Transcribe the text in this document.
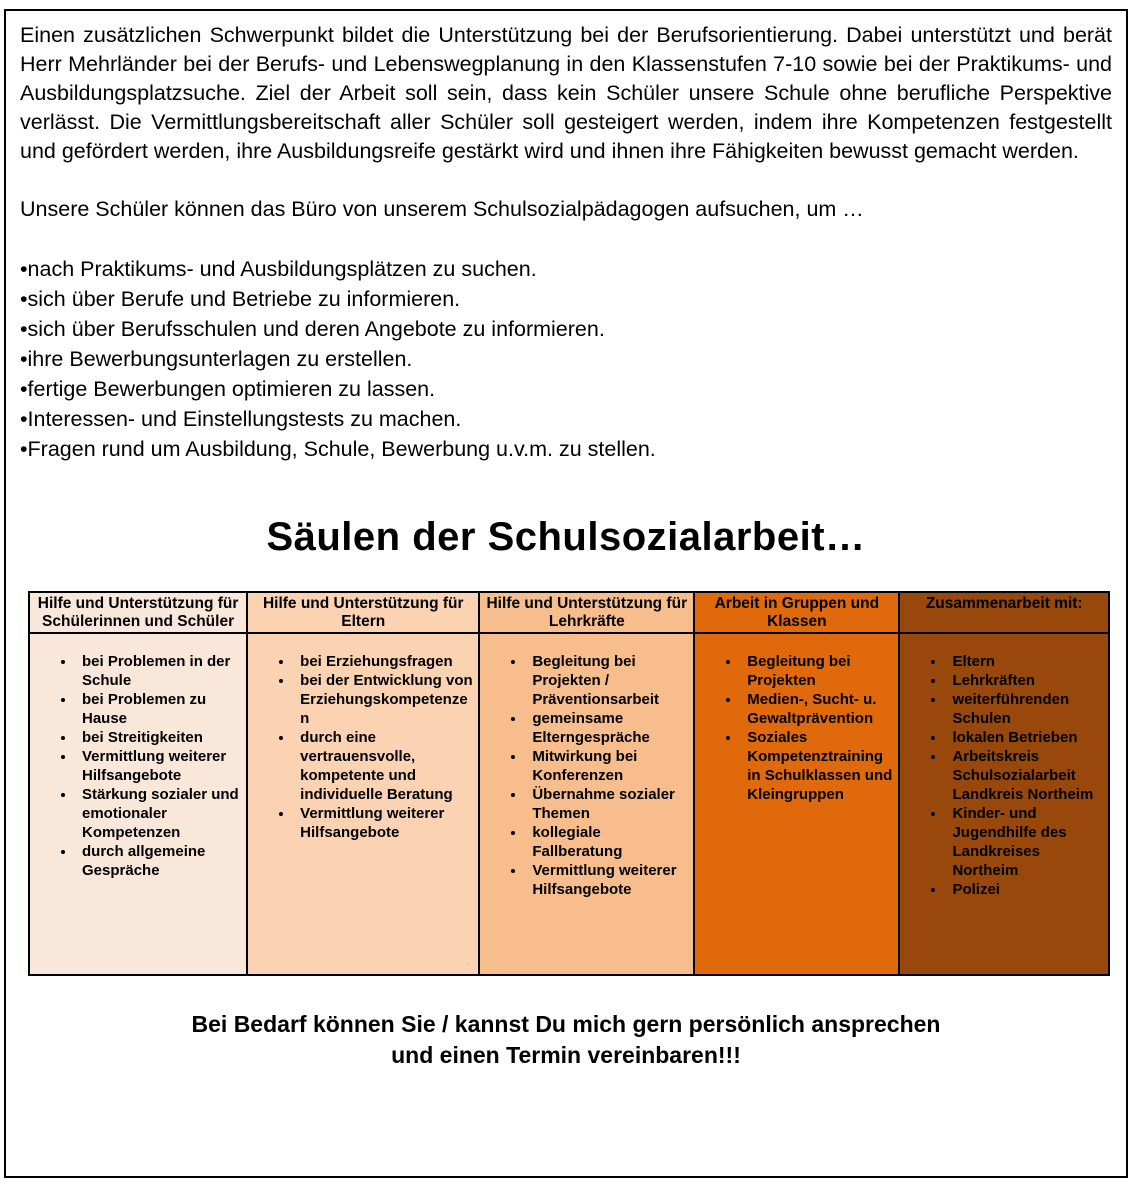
Einen zusätzlichen Schwerpunkt bildet die Unterstützung bei der Berufsorientierung. Dabei unterstützt und berät Herr Mehrländer bei der Berufs- und Lebenswegplanung in den Klassenstufen 7-10 sowie bei der Praktikums- und Ausbildungsplatzsuche. Ziel der Arbeit soll sein, dass kein Schüler unsere Schule ohne berufliche Perspektive verlässt. Die Vermittlungsbereitschaft aller Schüler soll gesteigert werden, indem ihre Kompetenzen festgestellt und gefördert werden, ihre Ausbildungsreife gestärkt wird und ihnen ihre Fähigkeiten bewusst gemacht werden.

Unsere Schüler können das Büro von unserem Schulsozialpädagogen aufsuchen, um …

• nach Praktikums- und Ausbildungsplätzen zu suchen.
• sich über Berufe und Betriebe zu informieren.
• sich über Berufsschulen und deren Angebote zu informieren.
• ihre Bewerbungsunterlagen zu erstellen.
• fertige Bewerbungen optimieren zu lassen.
• Interessen- und Einstellungstests zu machen.
• Fragen rund um Ausbildung, Schule, Bewerbung u.v.m. zu stellen.
Säulen der Schulsozialarbeit…
Hilfe und Unterstützung für Schülerinnen und Schüler	Hilfe und Unterstützung für Eltern	Hilfe und Unterstützung für Lehrkräfte	Arbeit in Gruppen und Klassen	Zusammenarbeit mit:

• bei Problemen in der Schule
• bei Problemen zu Hause
• bei Streitigkeiten
• Vermittlung weiterer Hilfsangebote
• Stärkung sozialer und emotionaler Kompetenzen
• durch allgemeine Gespräche

• bei Erziehungsfragen
• bei der Entwicklung von Erziehungskompetenzen
• durch eine vertrauensvolle, kompetente und individuelle Beratung
• Vermittlung weiterer Hilfsangebote

• Begleitung bei Projekten / Präventionsarbeit
• gemeinsame Elterngespräche
• Mitwirkung bei Konferenzen
• Übernahme sozialer Themen
• kollegiale Fallberatung
• Vermittlung weiterer Hilfsangebote

• Begleitung bei Projekten
• Medien-, Sucht- u. Gewaltprävention
• Soziales Kompetenztraining in Schulklassen und Kleingruppen

• Eltern
• Lehrkräften
• weiterführenden Schulen
• lokalen Betrieben
• Arbeitskreis Schulsozialarbeit Landkreis Northeim
• Kinder- und Jugendhilfe des Landkreises Northeim
• Polizei
Bei Bedarf können Sie / kannst Du mich gern persönlich ansprechen
und einen Termin vereinbaren!!!
